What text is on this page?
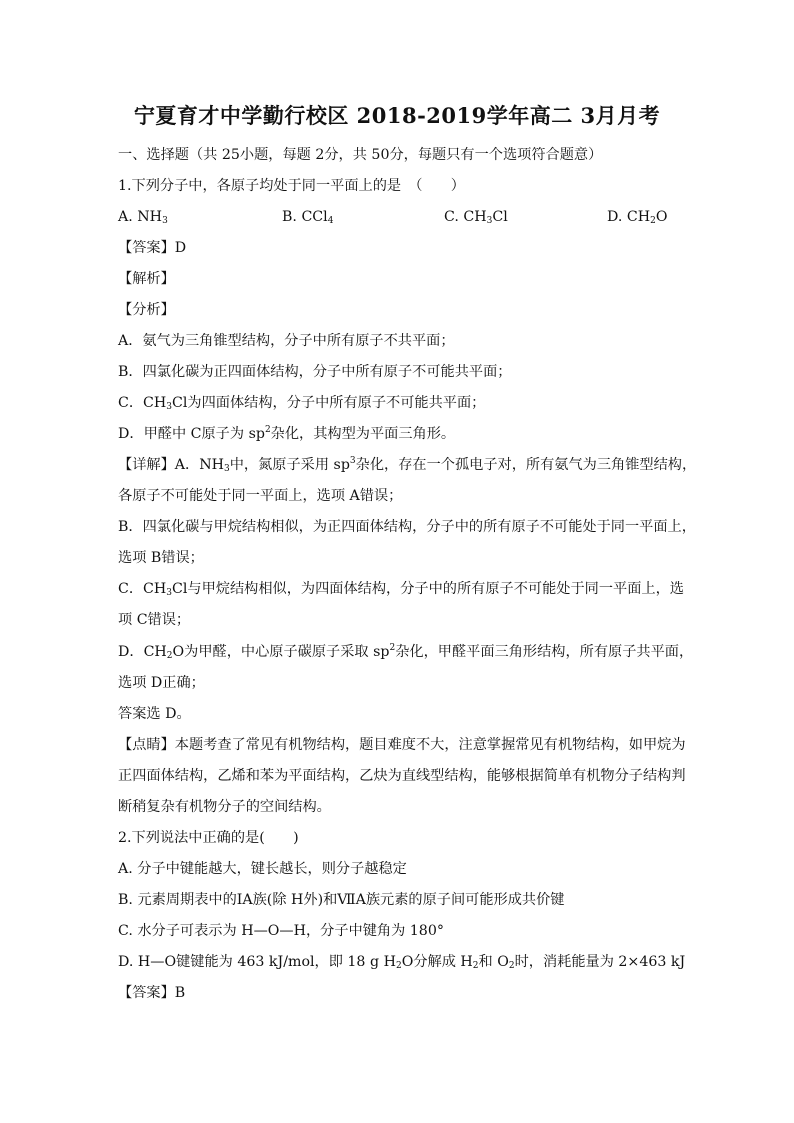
宁夏育才中学勤行校区 2018-2019学年高二 3月月考
一、选择题（共 25小题，每题 2分，共 50分，每题只有一个选项符合题意）
1.下列分子中，各原子均处于同一平面上的是　（　　）
A. $NH_3$	B. CCl$_4$	C. $CH_3Cl$	D. $CH_2O$
【答案】D
【解析】
【分析】
A．氨气为三角锥型结构，分子中所有原子不共平面；
B．四氯化碳为正四面体结构，分子中所有原子不可能共平面；
C．$CH_3Cl$为四面体结构，分子中所有原子不可能共平面；
D．甲醛中 C原子为 $sp^2$杂化，其构型为平面三角形。
【详解】A．$NH_3$中，氮原子采用 $sp^3$杂化，存在一个孤电子对，所有氨气为三角锥型结构，
各原子不可能处于同一平面上，选项 A错误；
B．四氯化碳与甲烷结构相似，为正四面体结构，分子中的所有原子不可能处于同一平面上，
选项 B错误；
C．$CH_3Cl$与甲烷结构相似，为四面体结构，分子中的所有原子不可能处于同一平面上，选
项 C错误；
D．$CH_2O$为甲醛，中心原子碳原子采取 $sp^2$杂化，甲醛平面三角形结构，所有原子共平面，
选项 D正确；
答案选 D。
【点睛】本题考查了常见有机物结构，题目难度不大，注意掌握常见有机物结构，如甲烷为
正四面体结构，乙烯和苯为平面结构，乙炔为直线型结构，能够根据简单有机物分子结构判
断稍复杂有机物分子的空间结构。
2.下列说法中正确的是(　　)
A. 分子中键能越大，键长越长，则分子越稳定
B. 元素周期表中的ⅠA族(除 H外)和ⅦA族元素的原子间可能形成共价键
C. 水分子可表示为 H—O—H，分子中键角为 180°
D. H—O键键能为 463 kJ/mol，即 18 g $H_2O$分解成 $H_2$和 $O_2$时，消耗能量为 2×463 kJ
【答案】B
